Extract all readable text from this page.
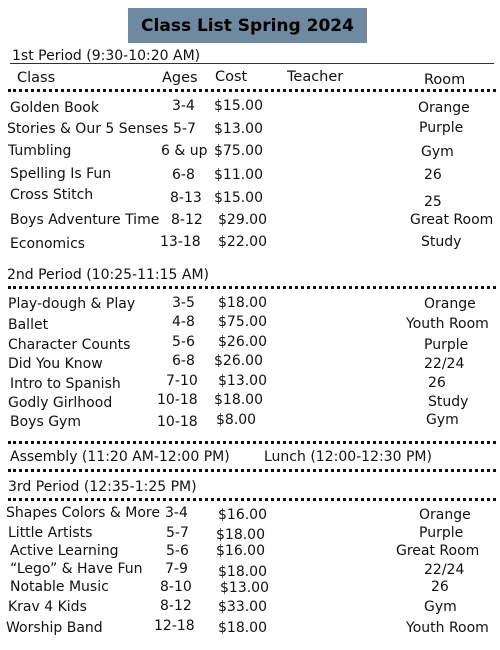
Class List Spring 2024
1st Period (9:30-10:20 AM)
Class	Ages Cost	Teacher	Room
Golden Book	3-4 $15.00	Orange
Stories & Our 5 Senses 5-7 $13.00	Purple
Tumbling	6 & up $75.00	Gym
Spelling Is Fun	6-8 $11.00	26
Cross Stitch	8-13 $15.00	25
Boys Adventure Time 8-12 $29.00	Great Room
Economics	13-18 $22.00	Study
2nd Period (10:25-11:15 AM)
Play-dough & Play	3-5 $18.00	Orange
Ballet	4-8 $75.00	Youth Room
Character Counts	5-6 $26.00	Purple
Did You Know	6-8 $26.00	22/24
Intro to Spanish	7-10 $13.00	26
Godly Girlhood	10-18 $18.00	Study
Boys Gym	10-18 $8.00	Gym
Assembly (11:20 AM-12:00 PM) Lunch (12:00-12:30 PM)
3rd Period (12:35-1:25 PM)
Shapes Colors & More 3-4 $16.00	Orange
Little Artists	5-7 $18.00	Purple
Active Learning	5-6 $16.00	Great Room
“Lego” & Have Fun 7-9 $18.00	22/24
Notable Music	8-10 $13.00	26
Krav 4 Kids	8-12 $33.00	Gym
Worship Band	12-18 $18.00	Youth Room
